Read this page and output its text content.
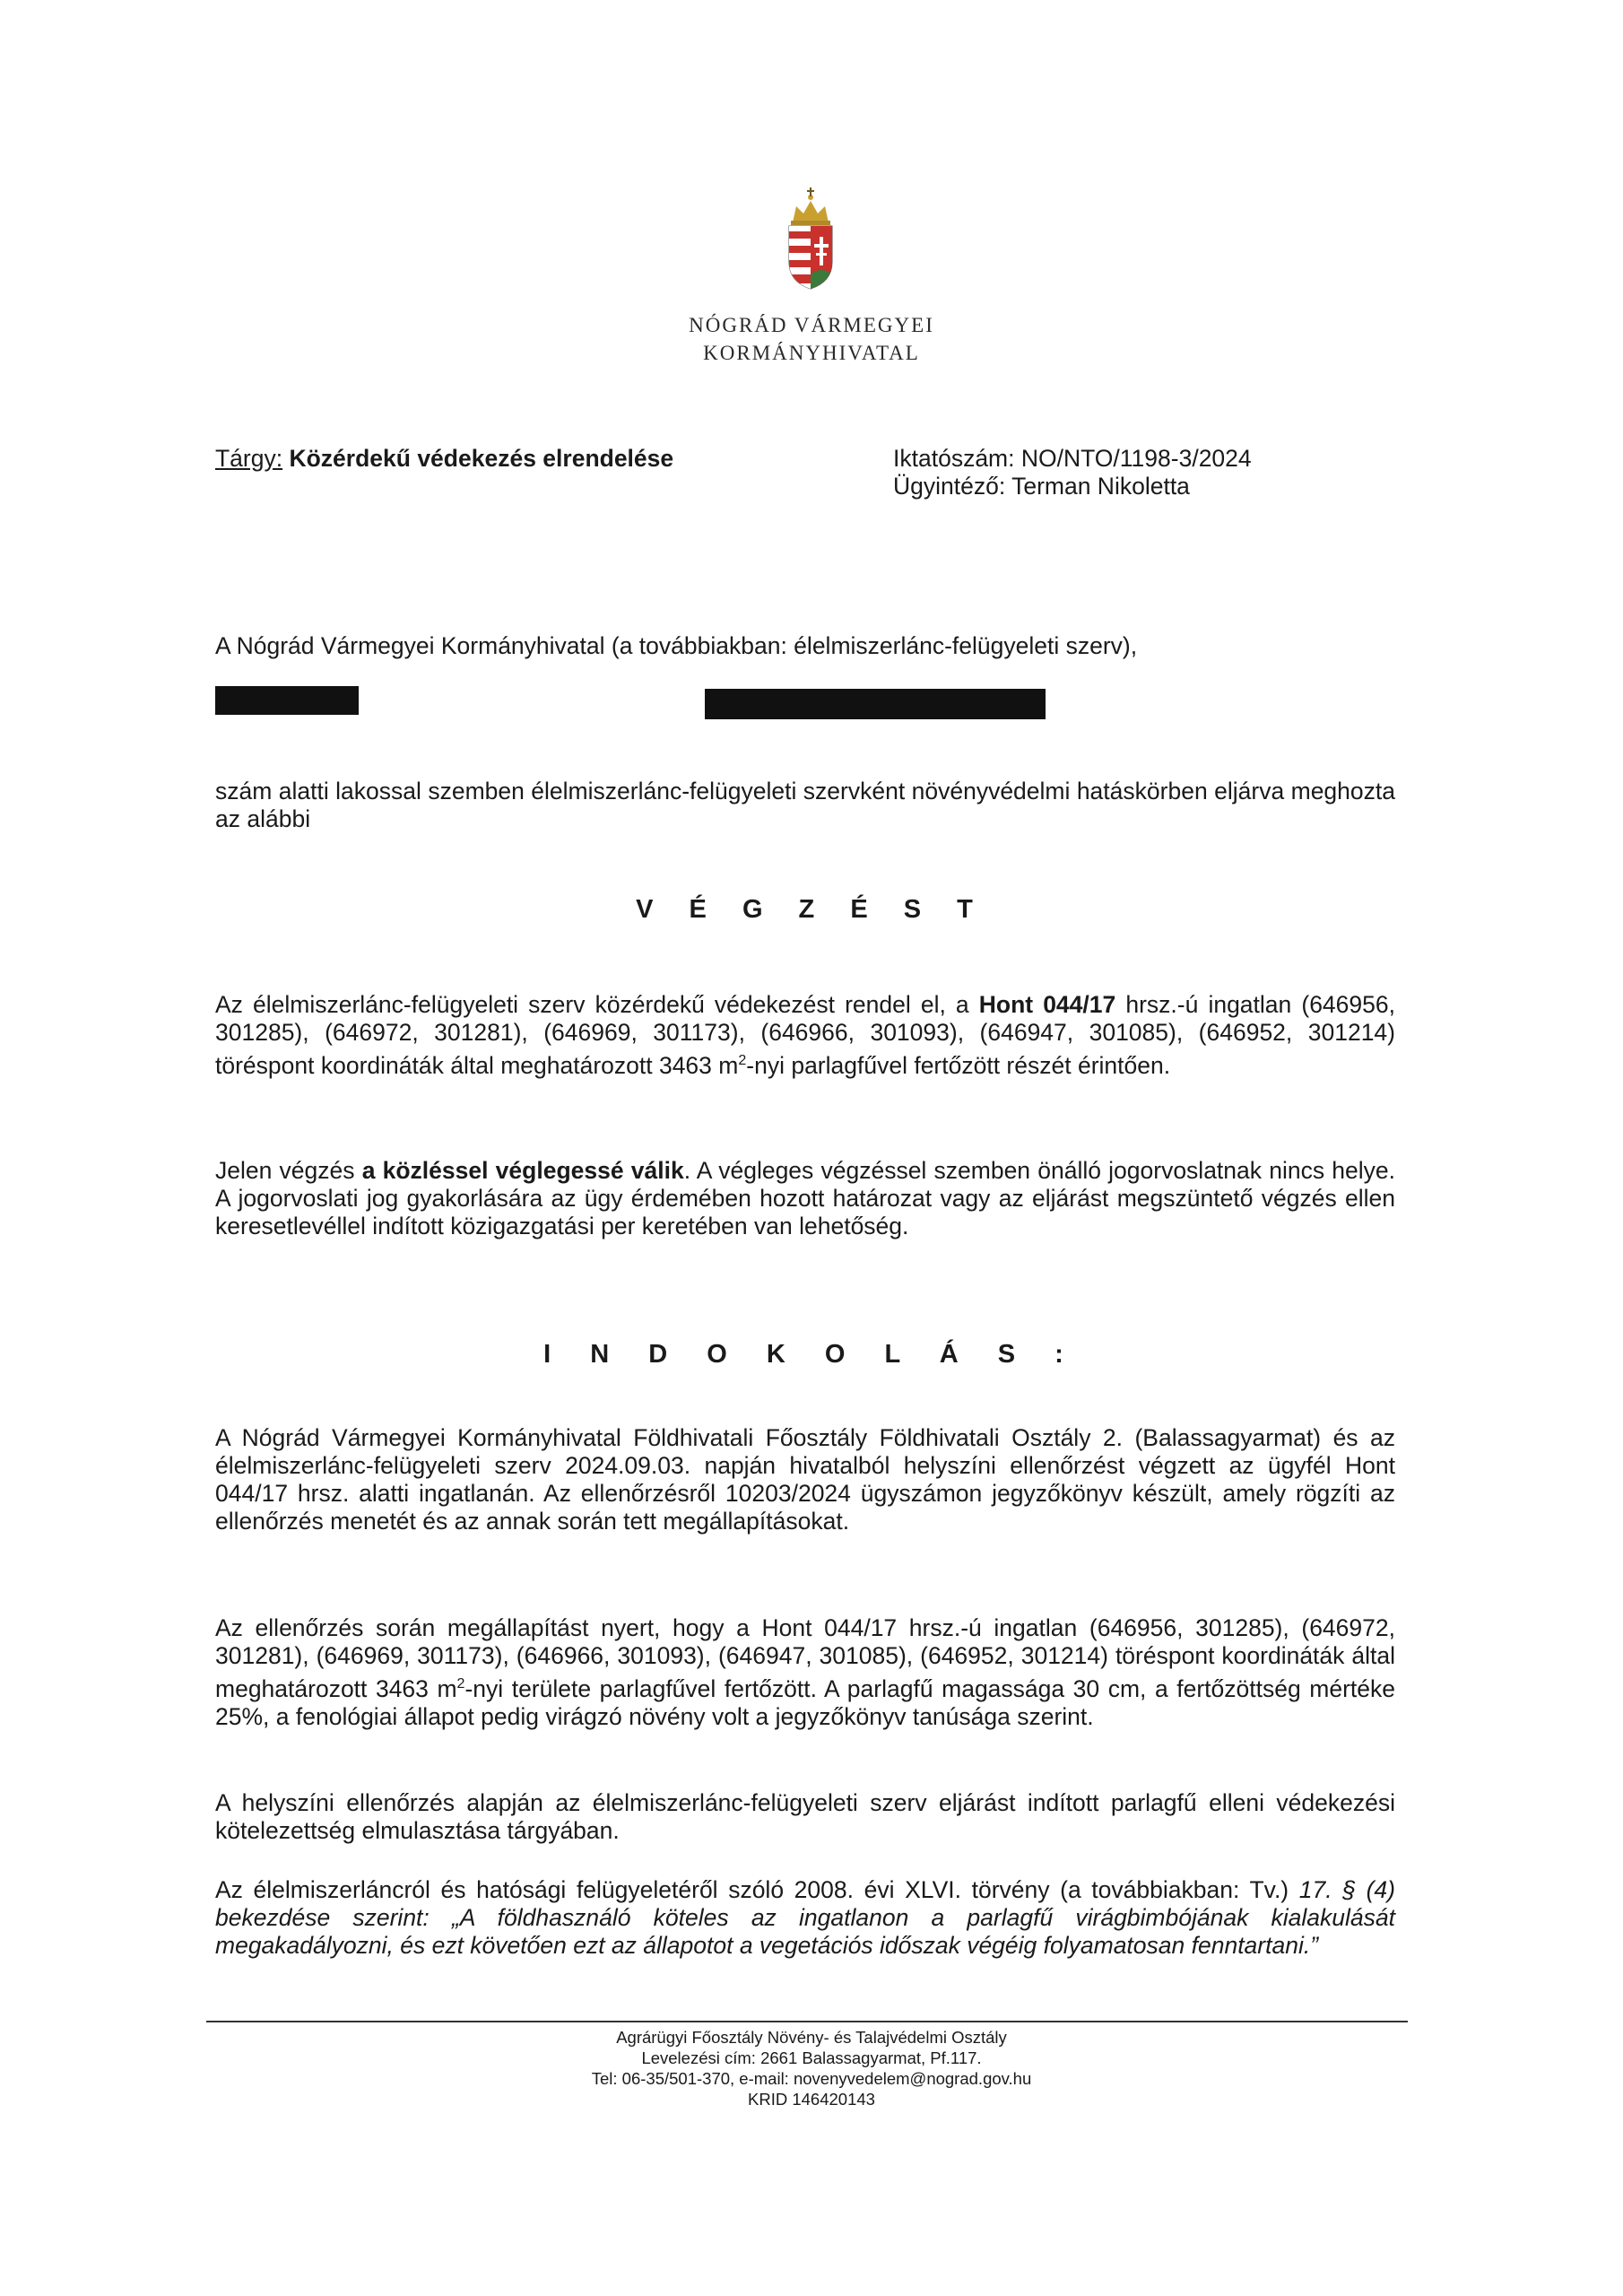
NÓGRÁD VÁRMEGYEI
KORMÁNYHIVATAL
Tárgy: Közérdekű védekezés elrendelése	Iktatószám: NO/NTO/1198-3/2024
Ügyintéző: Terman Nikoletta
A Nógrád Vármegyei Kormányhivatal (a továbbiakban: élelmiszerlánc-felügyeleti szerv),
szám alatti lakossal szemben élelmiszerlánc-felügyeleti szervként növényvédelmi hatáskörben eljárva meghozta az alábbi
V É G Z É S T
Az élelmiszerlánc-felügyeleti szerv közérdekű védekezést rendel el, a Hont 044/17 hrsz.-ú ingatlan (646956, 301285), (646972, 301281), (646969, 301173), (646966, 301093), (646947, 301085), (646952, 301214) töréspont koordináták által meghatározott 3463 $m^2$-nyi parlagfűvel fertőzött részét érintően.
Jelen végzés a közléssel véglegessé válik. A végleges végzéssel szemben önálló jogorvoslatnak nincs helye. A jogorvoslati jog gyakorlására az ügy érdemében hozott határozat vagy az eljárást megszüntető végzés ellen keresetlevéllel indított közigazgatási per keretében van lehetőség.
I N D O K O L Á S :
A Nógrád Vármegyei Kormányhivatal Földhivatali Főosztály Földhivatali Osztály 2. (Balassagyarmat) és az élelmiszerlánc-felügyeleti szerv 2024.09.03. napján hivatalból helyszíni ellenőrzést végzett az ügyfél Hont 044/17 hrsz. alatti ingatlanán. Az ellenőrzésről 10203/2024 ügyszámon jegyzőkönyv készült, amely rögzíti az ellenőrzés menetét és az annak során tett megállapításokat.
Az ellenőrzés során megállapítást nyert, hogy a Hont 044/17 hrsz.-ú ingatlan (646956, 301285), (646972, 301281), (646969, 301173), (646966, 301093), (646947, 301085), (646952, 301214) töréspont koordináták által meghatározott 3463 $m^2$-nyi területe parlagfűvel fertőzött. A parlagfű magassága 30 cm, a fertőzöttség mértéke 25%, a fenológiai állapot pedig virágzó növény volt a jegyzőkönyv tanúsága szerint.
A helyszíni ellenőrzés alapján az élelmiszerlánc-felügyeleti szerv eljárást indított parlagfű elleni védekezési kötelezettség elmulasztása tárgyában.
Az élelmiszerláncról és hatósági felügyeletéről szóló 2008. évi XLVI. törvény (a továbbiakban: Tv.) 17. § (4) bekezdése szerint: „A földhasználó köteles az ingatlanon a parlagfű virágbimbójának kialakulását megakadályozni, és ezt követően ezt az állapotot a vegetációs időszak végéig folyamatosan fenntartani.”
Agrárügyi Főosztály Növény- és Talajvédelmi Osztály
Levelezési cím: 2661 Balassagyarmat, Pf.117.
Tel: 06-35/501-370, e-mail: novenyvedelem@nograd.gov.hu
KRID 146420143
